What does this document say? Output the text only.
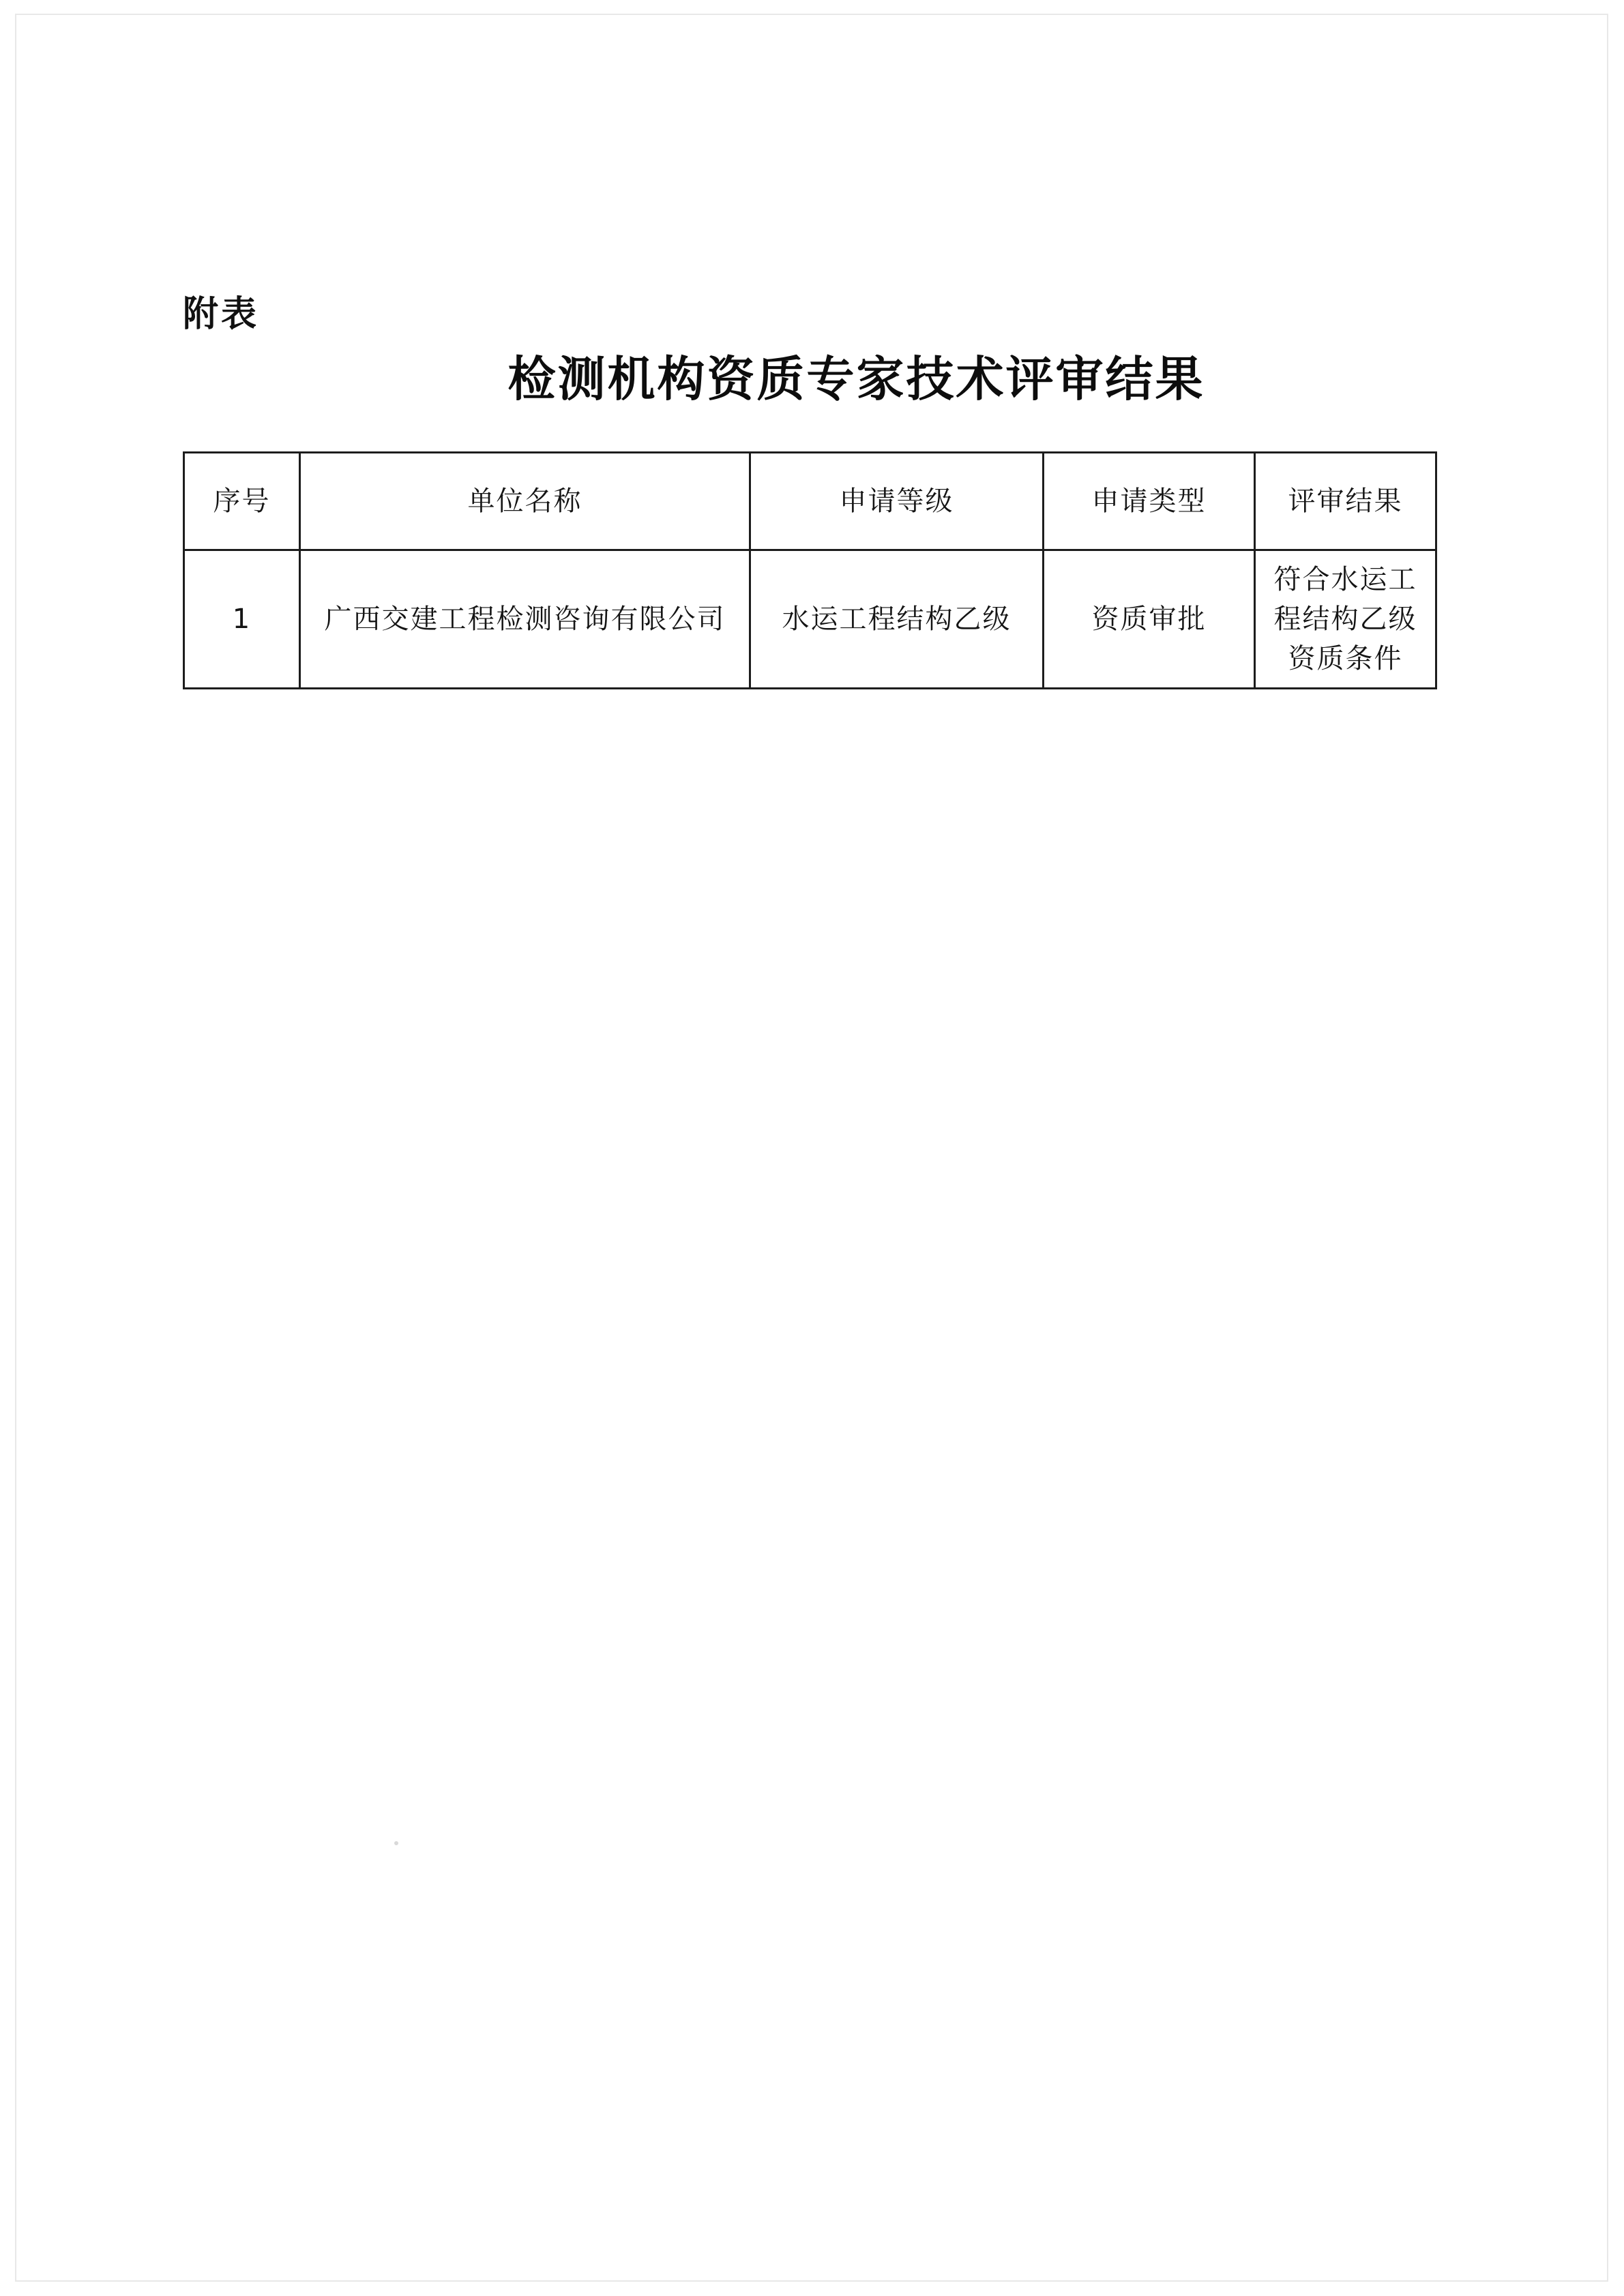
附表
检测机构资质专家技术评审结果
序号	单位名称	申请等级	申请类型	评审结果
1	广西交建工程检测咨询有限公司	水运工程结构乙级	资质审批	符合水运工程结构乙级资质条件
